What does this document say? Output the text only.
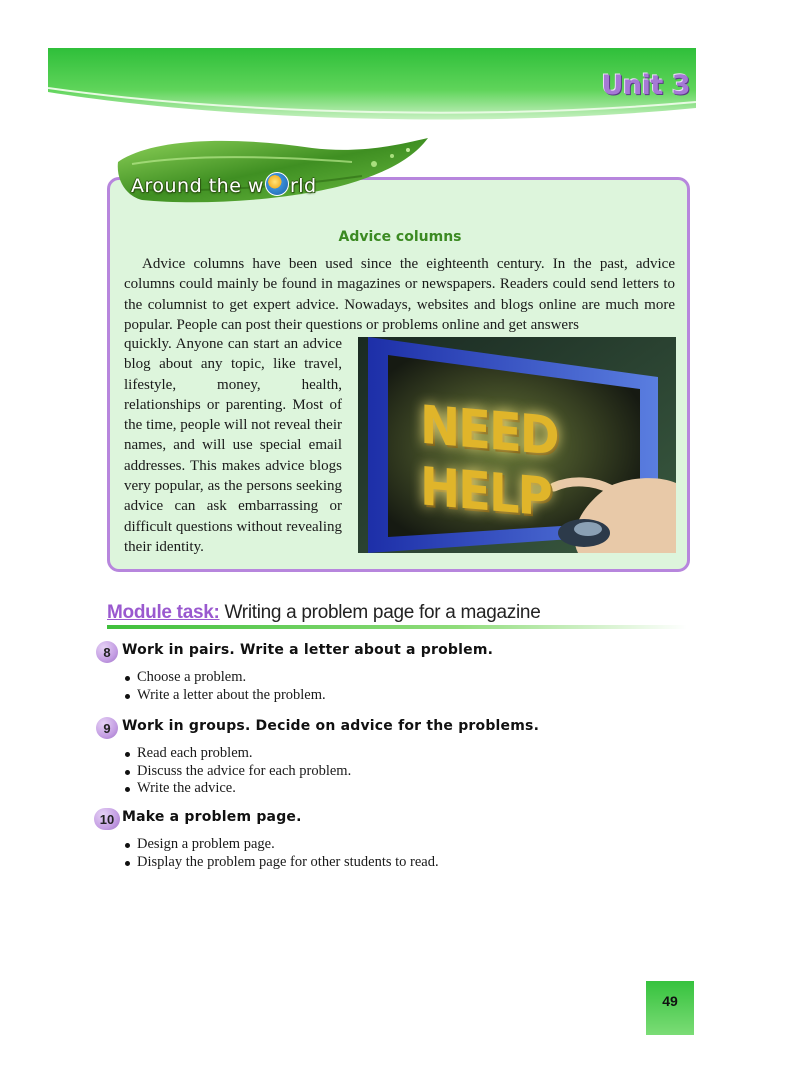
Unit 3
Around the w rld
Advice columns

Advice columns have been used since the eighteenth century. In the past, advice columns could mainly be found in magazines or newspapers. Readers could send letters to the columnist to get expert advice. Nowadays, websites and blogs online are much more popular. People can post their questions or problems online and get answers

quickly. Anyone can start an advice blog about any topic, like travel, lifestyle, money, health, relationships or parenting. Most of the time, people will not reveal their names, and will use special email addresses. This makes advice blogs very popular, as the persons seeking advice can ask embarrassing or difficult questions without revealing their identity.

NEED HELP
Module task: Writing a problem page for a magazine
8 Work in pairs. Write a letter about a problem.
Choose a problem.
Write a letter about the problem.
9 Work in groups. Decide on advice for the problems.
Read each problem.
Discuss the advice for each problem.
Write the advice.
10 Make a problem page.
Design a problem page.
Display the problem page for other students to read.
49
